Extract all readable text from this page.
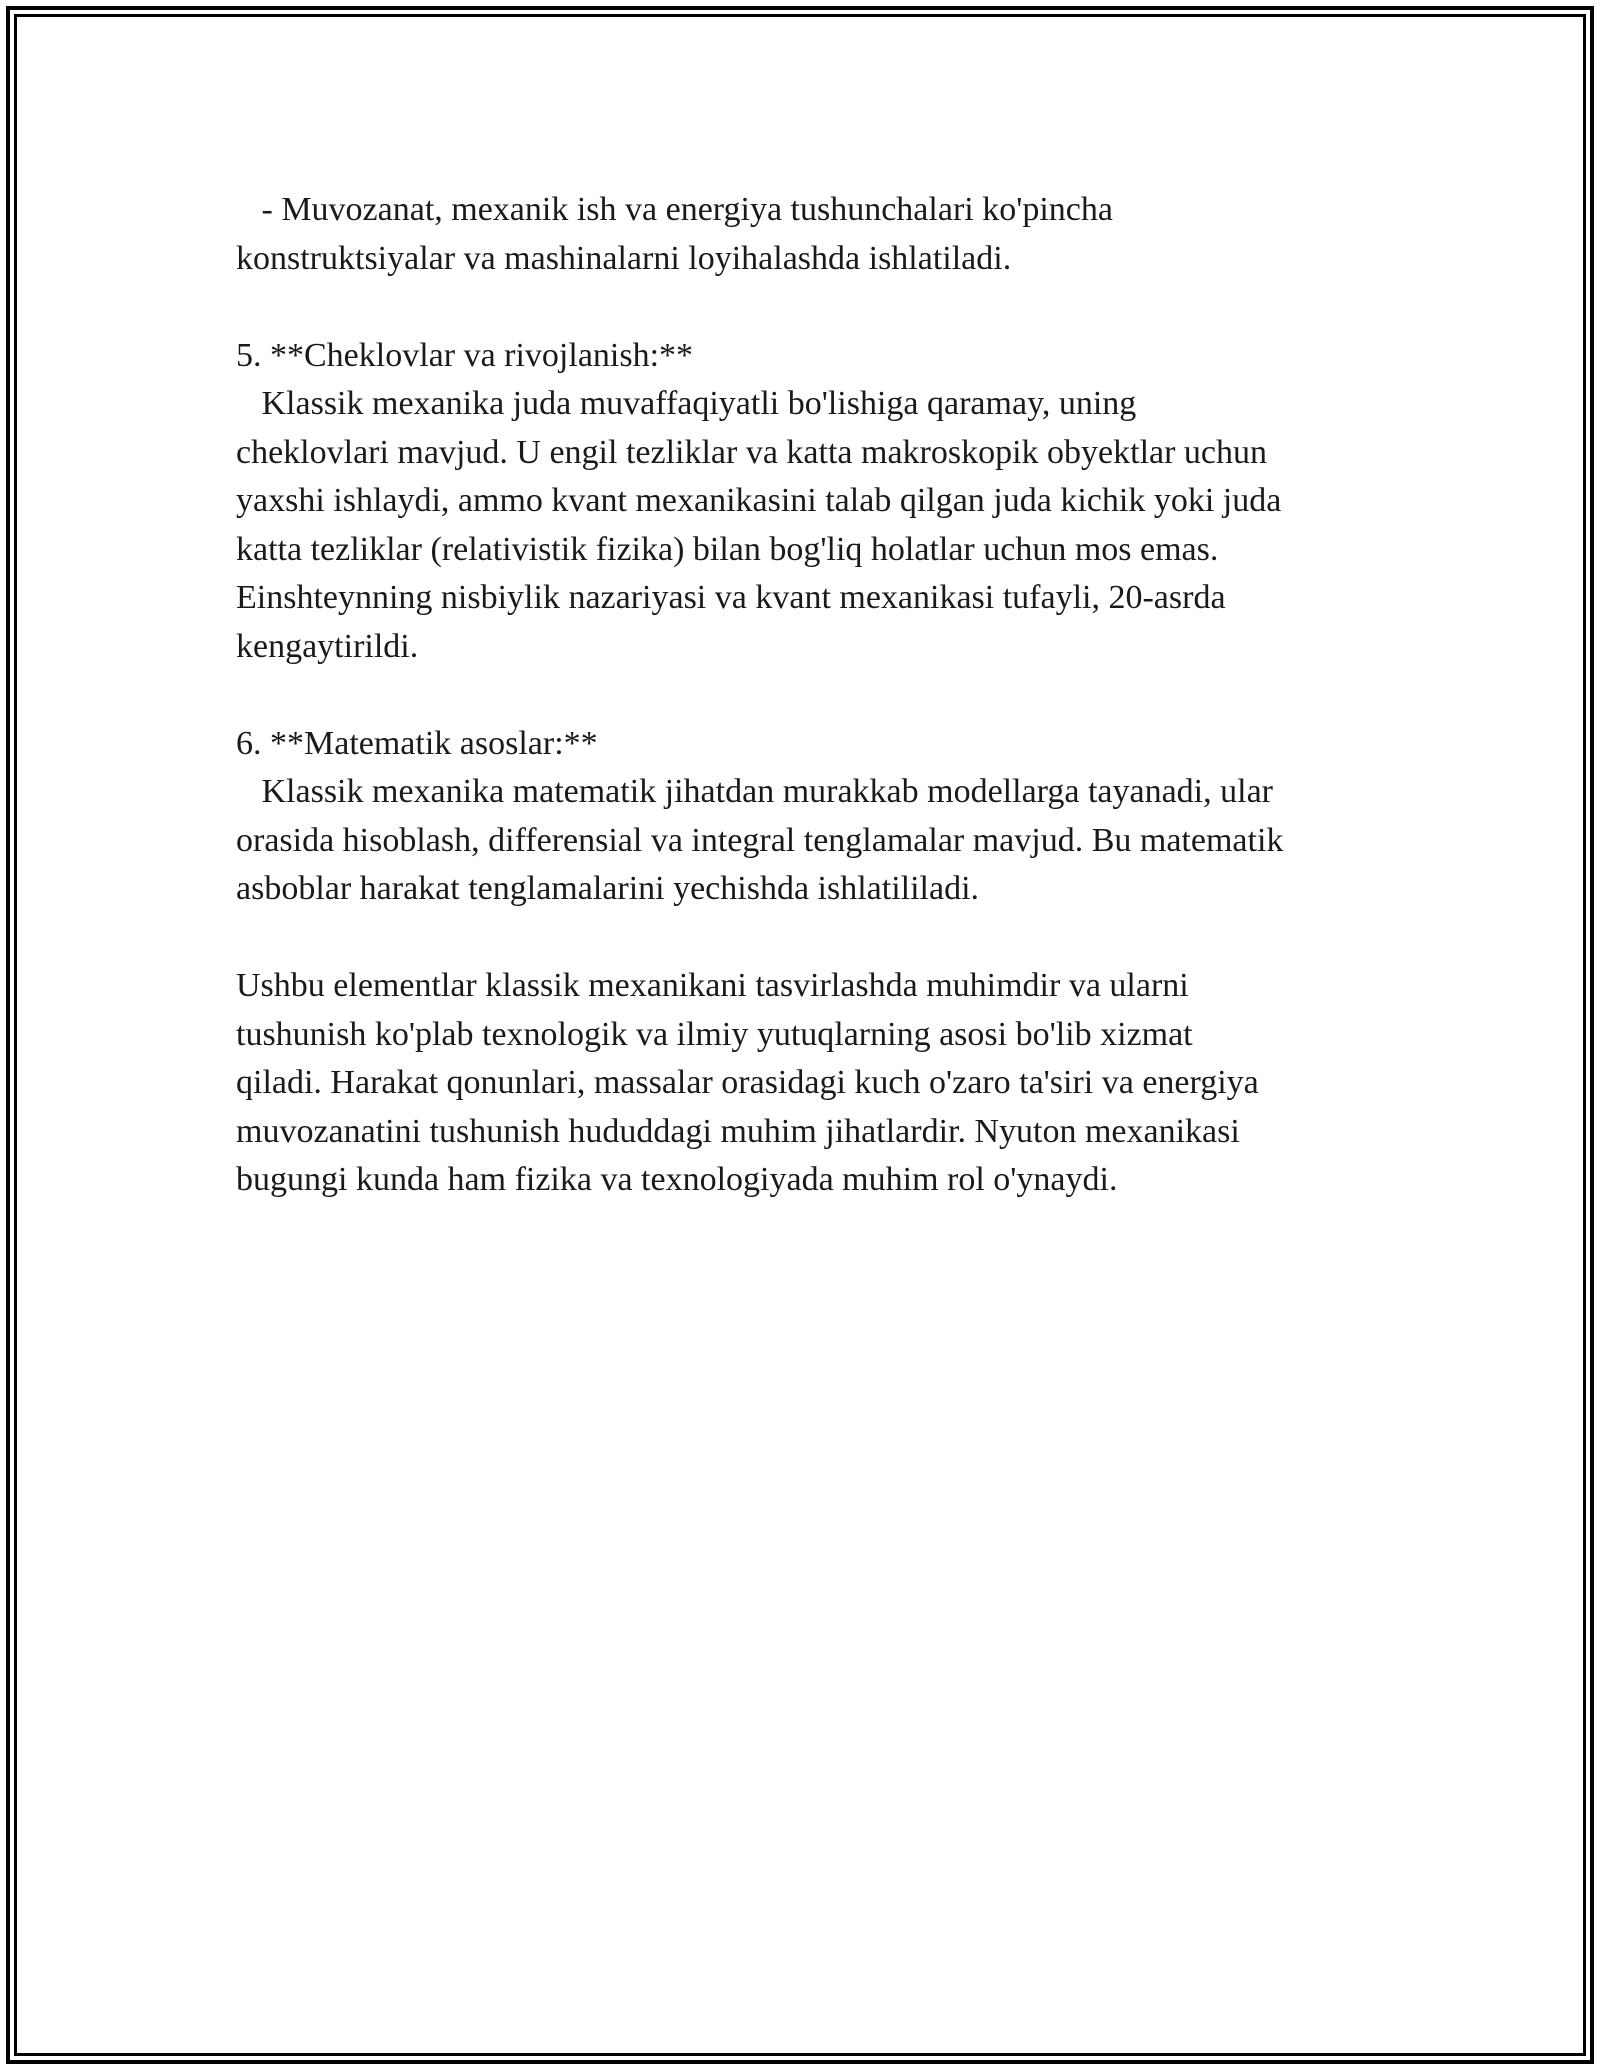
- Muvozanat, mexanik ish va energiya tushunchalari ko'pincha

konstruktsiyalar va mashinalarni loyihalashda ishlatiladi.

5. **Cheklovlar va rivojlanish:**

Klassik mexanika juda muvaffaqiyatli bo'lishiga qaramay, uning

cheklovlari mavjud. U engil tezliklar va katta makroskopik obyektlar uchun

yaxshi ishlaydi, ammo kvant mexanikasini talab qilgan juda kichik yoki juda

katta tezliklar (relativistik fizika) bilan bog'liq holatlar uchun mos emas.

Einshteynning nisbiylik nazariyasi va kvant mexanikasi tufayli, 20-asrda

kengaytirildi.

6. **Matematik asoslar:**

Klassik mexanika matematik jihatdan murakkab modellarga tayanadi, ular

orasida hisoblash, differensial va integral tenglamalar mavjud. Bu matematik

asboblar harakat tenglamalarini yechishda ishlatililadi.

Ushbu elementlar klassik mexanikani tasvirlashda muhimdir va ularni

tushunish ko'plab texnologik va ilmiy yutuqlarning asosi bo'lib xizmat

qiladi. Harakat qonunlari, massalar orasidagi kuch o'zaro ta'siri va energiya

muvozanatini tushunish hududdagi muhim jihatlardir. Nyuton mexanikasi

bugungi kunda ham fizika va texnologiyada muhim rol o'ynaydi.
